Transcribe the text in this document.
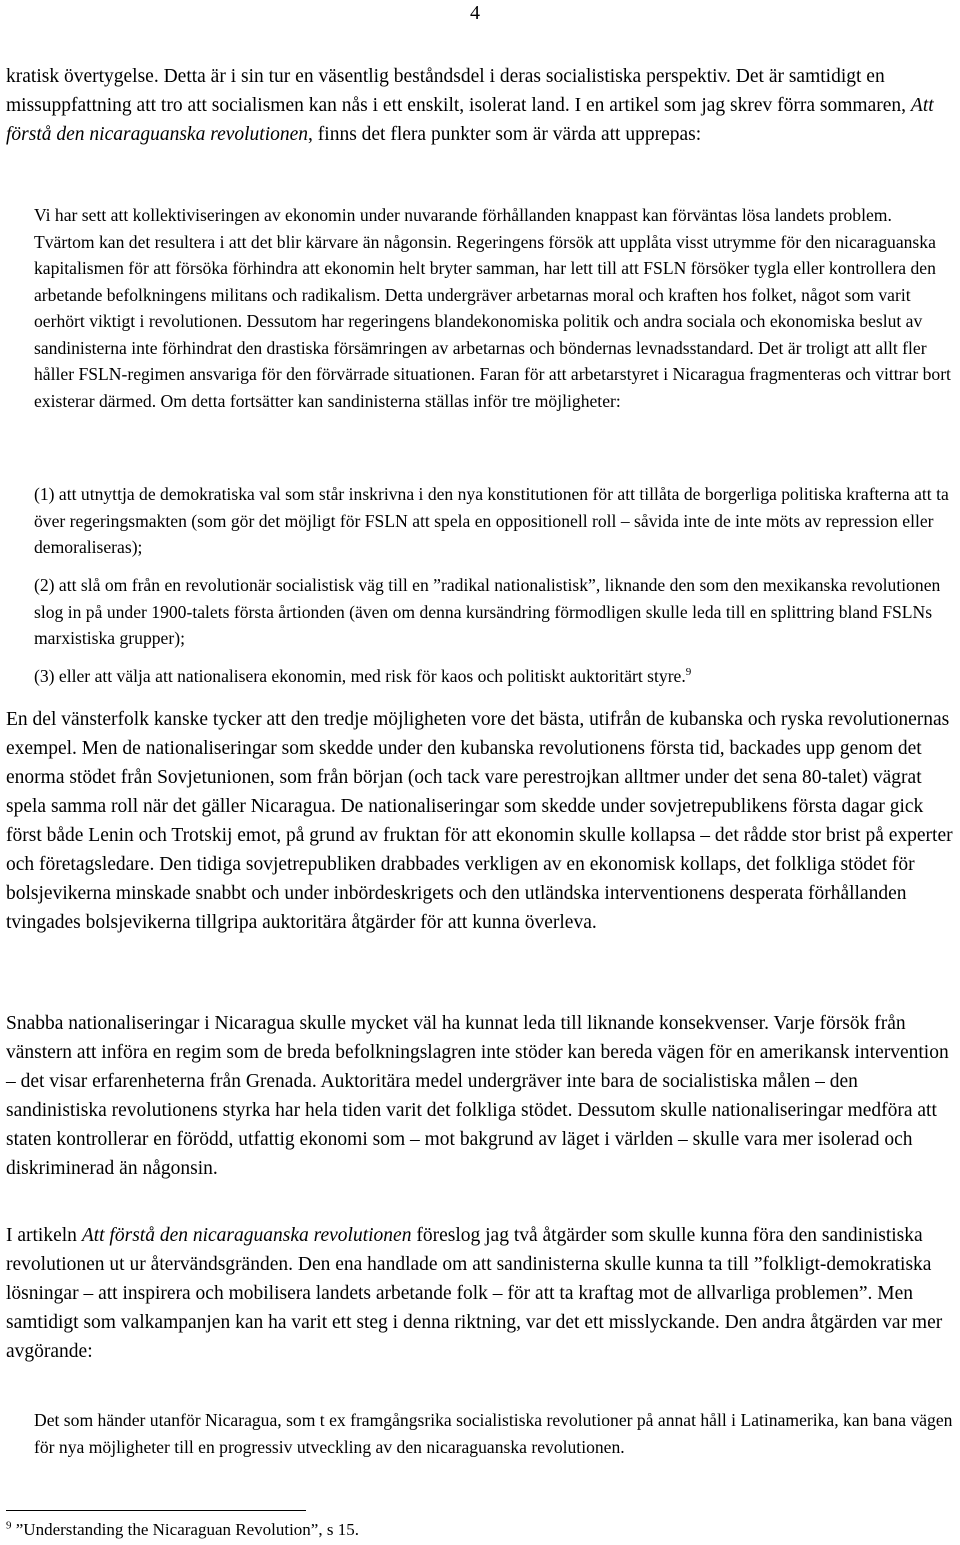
4

kratisk övertygelse. Detta är i sin tur en väsentlig beståndsdel i deras socialistiska perspektiv. Det är samtidigt en missuppfattning att tro att socialismen kan nås i ett enskilt, isolerat land. I en artikel som jag skrev förra sommaren, Att förstå den nicaraguanska revolutionen, finns det flera punkter som är värda att upprepas:

Vi har sett att kollektiviseringen av ekonomin under nuvarande förhållanden knappast kan förväntas lösa landets problem. Tvärtom kan det resultera i att det blir kärvare än någonsin. Regeringens försök att upplåta visst utrymme för den nicaraguanska kapitalismen för att försöka förhindra att ekonomin helt bryter samman, har lett till att FSLN försöker tygla eller kontrollera den arbetande befolkningens militans och radikalism. Detta undergräver arbetarnas moral och kraften hos folket, något som varit oerhört viktigt i revolutionen. Dessutom har regeringens blandekonomiska politik och andra sociala och ekonomiska beslut av sandinisterna inte förhindrat den drastiska försämringen av arbetarnas och böndernas levnadsstandard. Det är troligt att allt fler håller FSLN-regimen ansvariga för den förvärrade situationen. Faran för att arbetarstyret i Nicaragua fragmenteras och vittrar bort existerar därmed. Om detta fortsätter kan sandinisterna ställas inför tre möjligheter:

(1) att utnyttja de demokratiska val som står inskrivna i den nya konstitutionen för att tillåta de borgerliga politiska krafterna att ta över regeringsmakten (som gör det möjligt för FSLN att spela en oppositionell roll – såvida inte de inte möts av repression eller demoraliseras);

(2) att slå om från en revolutionär socialistisk väg till en ”radikal nationalistisk”, liknande den som den mexikanska revolutionen slog in på under 1900-talets första årtionden (även om denna kursändring förmodligen skulle leda till en splittring bland FSLNs marxistiska grupper);

(3) eller att välja att nationalisera ekonomin, med risk för kaos och politiskt auktoritärt styre.$^9$

En del vänsterfolk kanske tycker att den tredje möjligheten vore det bästa, utifrån de kubanska och ryska revolutionernas exempel. Men de nationaliseringar som skedde under den kubanska revolutionens första tid, backades upp genom det enorma stödet från Sovjetunionen, som från början (och tack vare perestrojkan alltmer under det sena 80-talet) vägrat spela samma roll när det gäller Nicaragua. De nationaliseringar som skedde under sovjetrepublikens första dagar gick först både Lenin och Trotskij emot, på grund av fruktan för att ekonomin skulle kollapsa – det rådde stor brist på experter och företagsledare. Den tidiga sovjetrepubliken drabbades verkligen av en ekonomisk kollaps, det folkliga stödet för bolsjevikerna minskade snabbt och under inbördeskrigets och den utländska interventionens desperata förhållanden tvingades bolsjevikerna tillgripa auktoritära åtgärder för att kunna överleva.

Snabba nationaliseringar i Nicaragua skulle mycket väl ha kunnat leda till liknande konsekvenser. Varje försök från vänstern att införa en regim som de breda befolkningslagren inte stöder kan bereda vägen för en amerikansk intervention – det visar erfarenheterna från Grenada. Auktoritära medel undergräver inte bara de socialistiska målen – den sandinistiska revolutionens styrka har hela tiden varit det folkliga stödet. Dessutom skulle nationaliseringar medföra att staten kontrollerar en förödd, utfattig ekonomi som – mot bakgrund av läget i världen – skulle vara mer isolerad och diskriminerad än någonsin.

I artikeln Att förstå den nicaraguanska revolutionen föreslog jag två åtgärder som skulle kunna föra den sandinistiska revolutionen ut ur återvändsgränden. Den ena handlade om att sandinisterna skulle kunna ta till ”folkligt-demokratiska lösningar – att inspirera och mobilisera landets arbetande folk – för att ta kraftag mot de allvarliga problemen”. Men samtidigt som valkampanjen kan ha varit ett steg i denna riktning, var det ett misslyckande. Den andra åtgärden var mer avgörande:

Det som händer utanför Nicaragua, som t ex framgångsrika socialistiska revolutioner på annat håll i Latinamerika, kan bana vägen för nya möjligheter till en progressiv utveckling av den nicaraguanska revolutionen.

$^9$ ”Understanding the Nicaraguan Revolution”, s 15.
